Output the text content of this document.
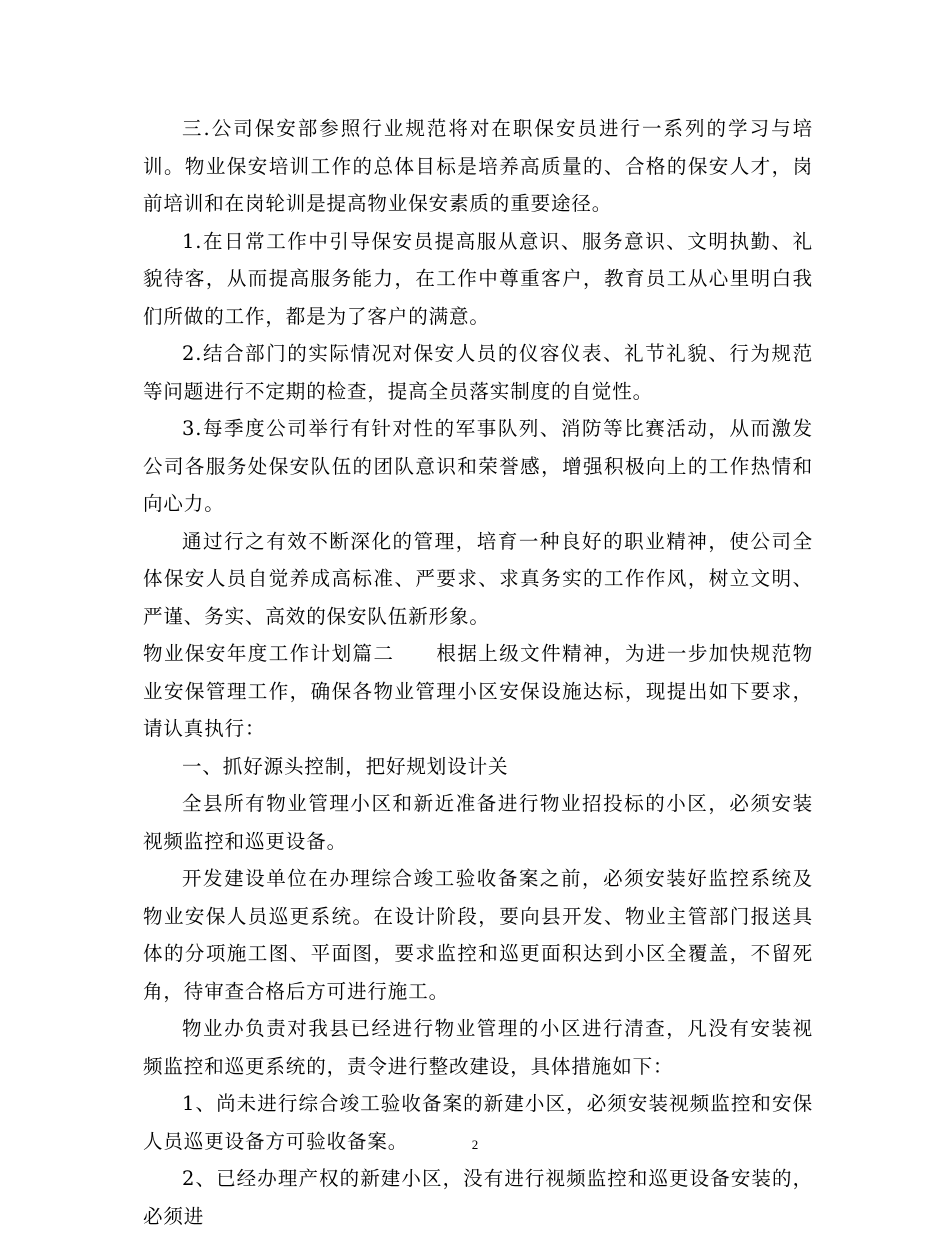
三.公司保安部参照行业规范将对在职保安员进行一系列的学习与培训。物业保安培训工作的总体目标是培养高质量的、合格的保安人才，岗前培训和在岗轮训是提高物业保安素质的重要途径。

1.在日常工作中引导保安员提高服从意识、服务意识、文明执勤、礼貌待客，从而提高服务能力，在工作中尊重客户，教育员工从心里明白我们所做的工作，都是为了客户的满意。

2.结合部门的实际情况对保安人员的仪容仪表、礼节礼貌、行为规范等问题进行不定期的检查，提高全员落实制度的自觉性。

3.每季度公司举行有针对性的军事队列、消防等比赛活动，从而激发公司各服务处保安队伍的团队意识和荣誉感，增强积极向上的工作热情和向心力。

通过行之有效不断深化的管理，培育一种良好的职业精神，使公司全体保安人员自觉养成高标准、严要求、求真务实的工作作风，树立文明、严谨、务实、高效的保安队伍新形象。

物业保安年度工作计划篇二　　根据上级文件精神，为进一步加快规范物业安保管理工作，确保各物业管理小区安保设施达标，现提出如下要求，请认真执行：

一、抓好源头控制，把好规划设计关

全县所有物业管理小区和新近准备进行物业招投标的小区，必须安装视频监控和巡更设备。

开发建设单位在办理综合竣工验收备案之前，必须安装好监控系统及物业安保人员巡更系统。在设计阶段，要向县开发、物业主管部门报送具体的分项施工图、平面图，要求监控和巡更面积达到小区全覆盖，不留死角，待审查合格后方可进行施工。

物业办负责对我县已经进行物业管理的小区进行清查，凡没有安装视频监控和巡更系统的，责令进行整改建设，具体措施如下：

1、尚未进行综合竣工验收备案的新建小区，必须安装视频监控和安保人员巡更设备方可验收备案。

2、已经办理产权的新建小区，没有进行视频监控和巡更设备安装的，必须进

2
